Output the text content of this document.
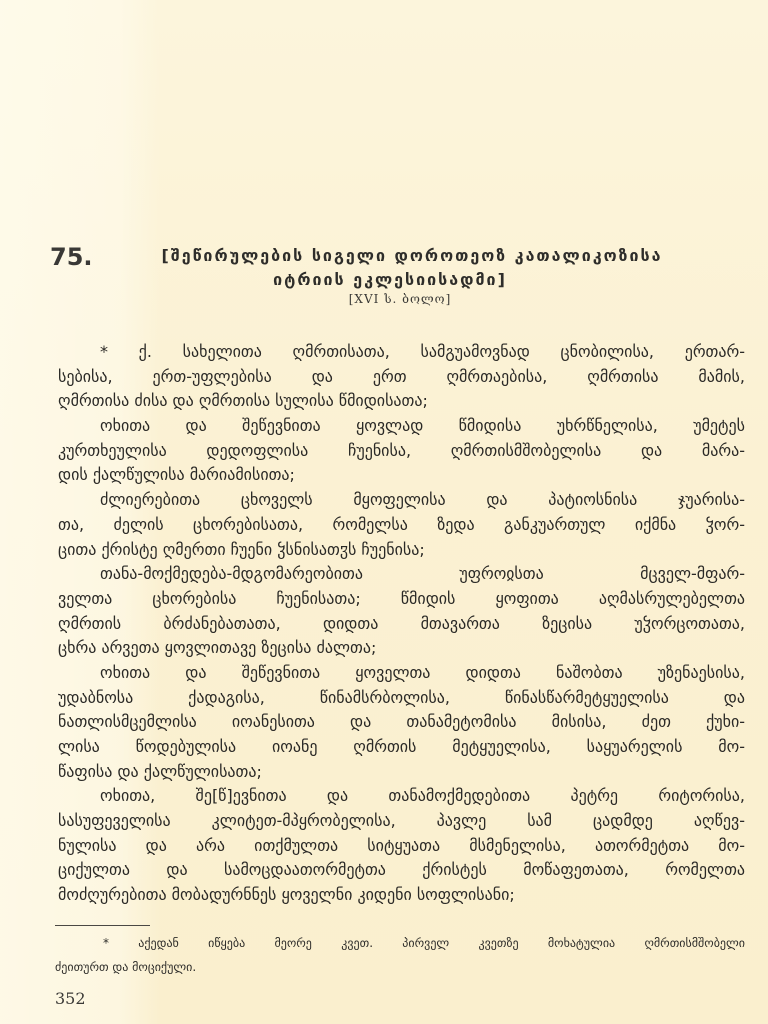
75.	[შეწირულების სიგელი დოროთეოზ კათალიკოზისა
იტრიის ეკლესიისადმი]
[XVI ს. ბოლო]
* ქ. სახელითა ღმრთისათა, სამგუამოვნად ცნობილისა, ერთარ-
სებისა, ერთ-უფლებისა და ერთ ღმრთაებისა, ღმრთისა მამის,
ღმრთისა ძისა და ღმრთისა სულისა წმიდისათა;
ოხითა და შეწევნითა ყოვლად წმიდისა უხრწნელისა, უმეტეს
კურთხეულისა დედოფლისა ჩუენისა, ღმრთისმშობელისა და მარა-
დის ქალწულისა მარიამისითა;
ძლიერებითა ცხოველს მყოფელისა და პატიოსნისა ჯუარისა-
თა, ძელის ცხორებისათა, რომელსა ზედა განკუართულ იქმნა ჴორ-
ცითა ქრისტე ღმერთი ჩუენი ჴსნისათჳს ჩუენისა;
თანა-მოქმედება-მდგომარეობითა უფროჲსთა მცველ-მფარ-
ველთა ცხორებისა ჩუენისათა; წმიდის ყოფითა აღმასრულებელთა
ღმრთის ბრძანებათათა, დიდთა მთავართა ზეცისა უჴორცოთათა,
ცხრა არვეთა ყოვლითავე ზეცისა ძალთა;
ოხითა და შეწევნითა ყოველთა დიდთა ნაშობთა უზენაესისა,
უდაბნოსა ქადაგისა, წინამსრბოლისა, წინასწარმეტყუელისა და
ნათლისმცემლისა იოანესითა და თანამეტომისა მისისა, ძეთ ქუხი-
ლისა წოდებულისა იოანე ღმრთის მეტყუელისა, საყუარელის მო-
წაფისა და ქალწულისათა;
ოხითა, შე[წ]ევნითა და თანამოქმედებითა პეტრე რიტორისა,
სასუფეველისა კლიტეთ-მპყრობელისა, პავლე სამ ცადმდე აღწევ-
ნულისა და არა ითქმულთა სიტყუათა მსმენელისა, ათორმეტთა მო-
ციქულთა და სამოცდაათორმეტთა ქრისტეს მოწაფეთათა, რომელთა
მოძღურებითა მობადურნნეს ყოველნი კიდენი სოფლისანი;
* აქედან იწყება მეორე კვეთ. პირველ კვეთზე მოხატულია ღმრთისმშობელი
ძეითურთ და მოციქული.
352
